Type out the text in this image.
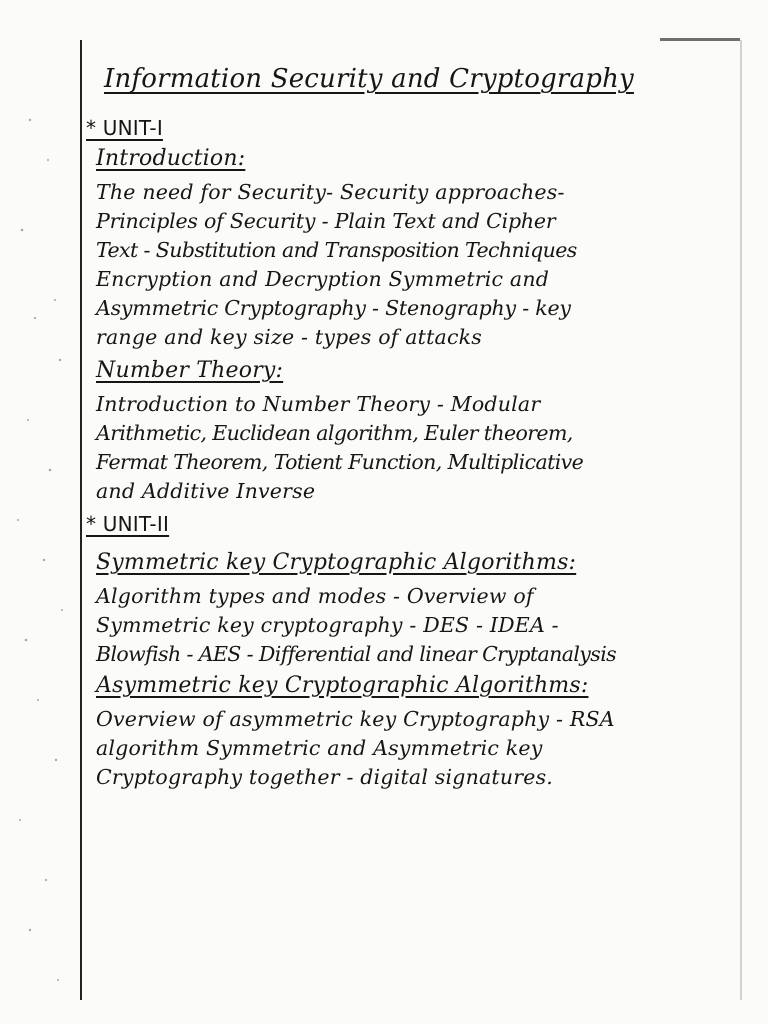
Information Security and Cryptography
* UNIT-I
Introduction:
The need for Security- Security approaches-
Principles of Security - Plain Text and Cipher
Text - Substitution and Transposition Techniques
Encryption and Decryption Symmetric and
Asymmetric Cryptography - Stenography - key
range and key size - types of attacks
Number Theory:
Introduction to Number Theory - Modular
Arithmetic, Euclidean algorithm, Euler theorem,
Fermat Theorem, Totient Function, Multiplicative
and Additive Inverse
* UNIT-II
Symmetric key Cryptographic Algorithms:
Algorithm types and modes - Overview of
Symmetric key cryptography - DES - IDEA -
Blowfish - AES - Differential and linear Cryptanalysis
Asymmetric key Cryptographic Algorithms:
Overview of asymmetric key Cryptography - RSA
algorithm Symmetric and Asymmetric key
Cryptography together - digital signatures.
